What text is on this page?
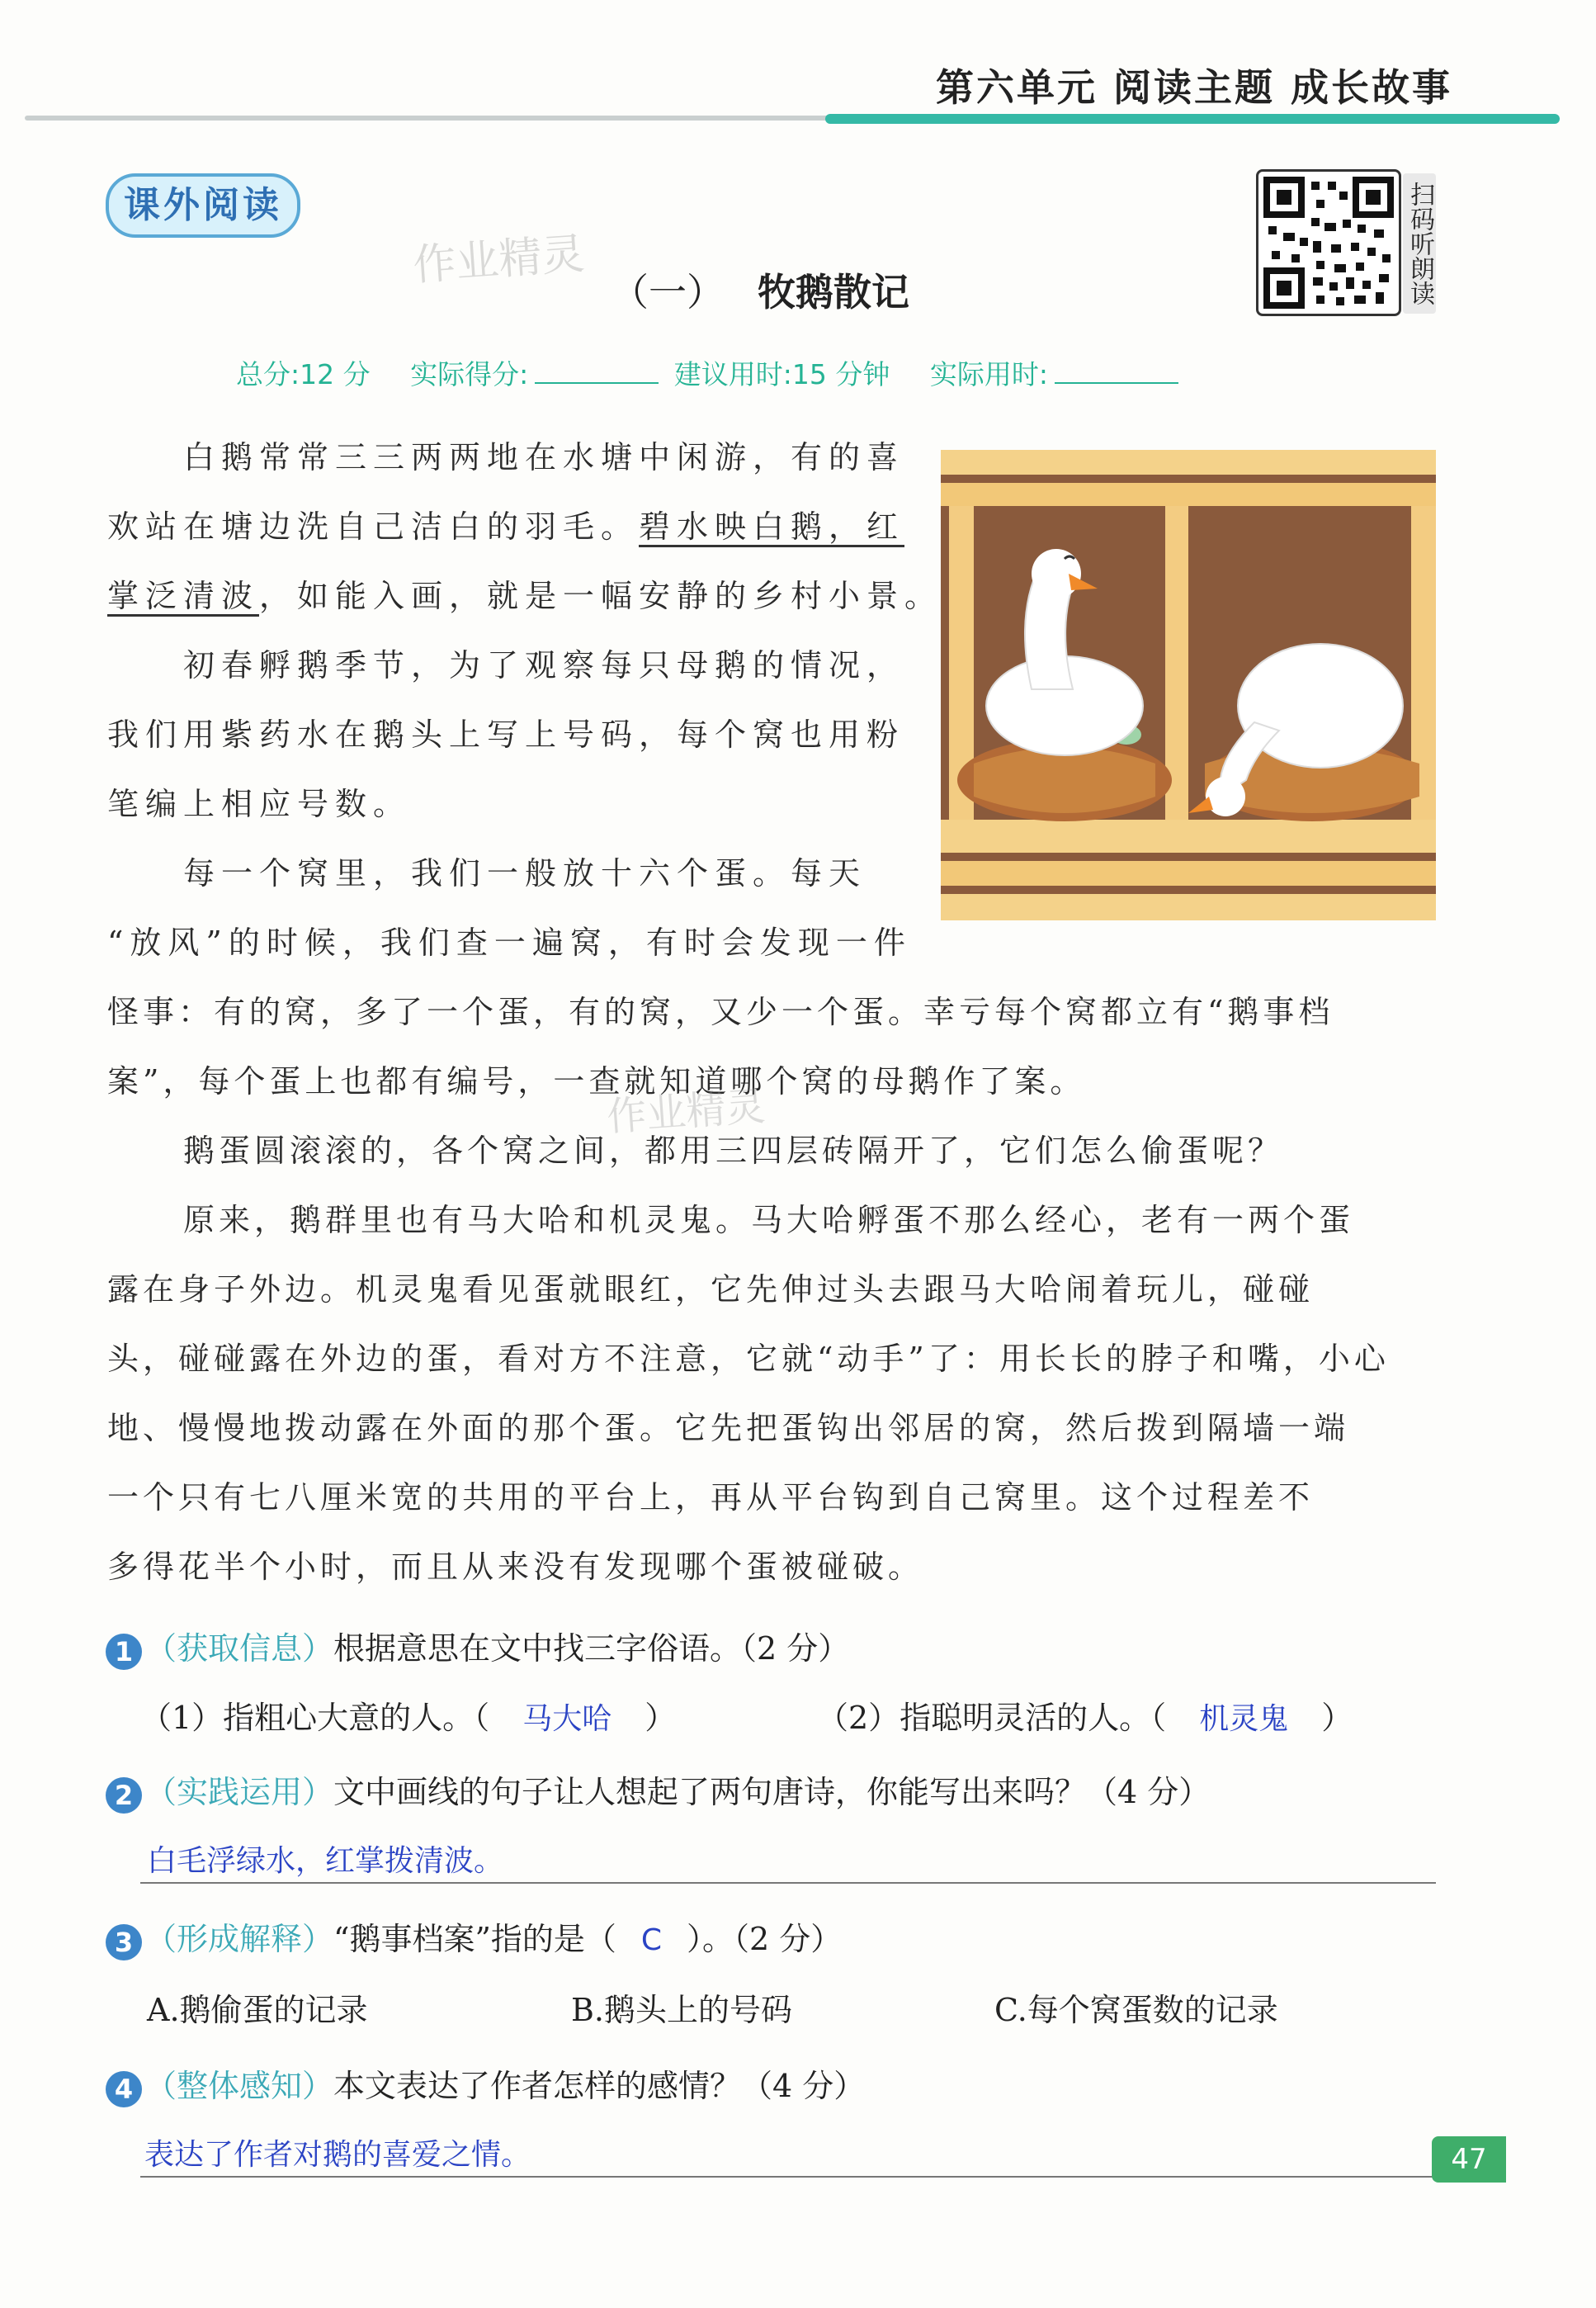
第六单元 阅读主题 成长故事
课外阅读
作业精灵	扫码听朗读
（一） 牧鹅散记
总分:12 分 实际得分:	建议用时:15 分钟 实际用时:
白鹅常常三三两两地在水塘中闲游，有的喜
欢站在塘边洗自己洁白的羽毛。碧水映白鹅，红
掌泛清波，如能入画，就是一幅安静的乡村小景。
初春孵鹅季节，为了观察每只母鹅的情况，
我们用紫药水在鹅头上写上号码，每个窝也用粉
笔编上相应号数。
每一个窝里，我们一般放十六个蛋。每天
“放风”的时候，我们查一遍窝，有时会发现一件
怪事：有的窝，多了一个蛋，有的窝，又少一个蛋。幸亏每个窝都立有“鹅事档
案”，每个蛋上也都有编号，一查就知道哪个窝的母鹅作了案。
作业精灵
鹅蛋圆滚滚的，各个窝之间，都用三四层砖隔开了，它们怎么偷蛋呢？
原来，鹅群里也有马大哈和机灵鬼。马大哈孵蛋不那么经心，老有一两个蛋
露在身子外边。机灵鬼看见蛋就眼红，它先伸过头去跟马大哈闹着玩儿，碰碰
头，碰碰露在外边的蛋，看对方不注意，它就“动手”了：用长长的脖子和嘴，小心
地、慢慢地拨动露在外面的那个蛋。它先把蛋钩出邻居的窝，然后拨到隔墙一端
一个只有七八厘米宽的共用的平台上，再从平台钩到自己窝里。这个过程差不
多得花半个小时，而且从来没有发现哪个蛋被碰破。
1 （获取信息）根据意思在文中找三字俗语。（2 分）
（1）指粗心大意的人。（ 马大哈 ）	（2）指聪明灵活的人。（ 机灵鬼 ）
2 （实践运用）文中画线的句子让人想起了两句唐诗，你能写出来吗？（4 分）
白毛浮绿水，红掌拨清波。
3 （形成解释）“鹅事档案”指的是（ C ）。（2 分）
A.鹅偷蛋的记录	B.鹅头上的号码	C.每个窝蛋数的记录
4 （整体感知）本文表达了作者怎样的感情？（4 分）
表达了作者对鹅的喜爱之情。	47
